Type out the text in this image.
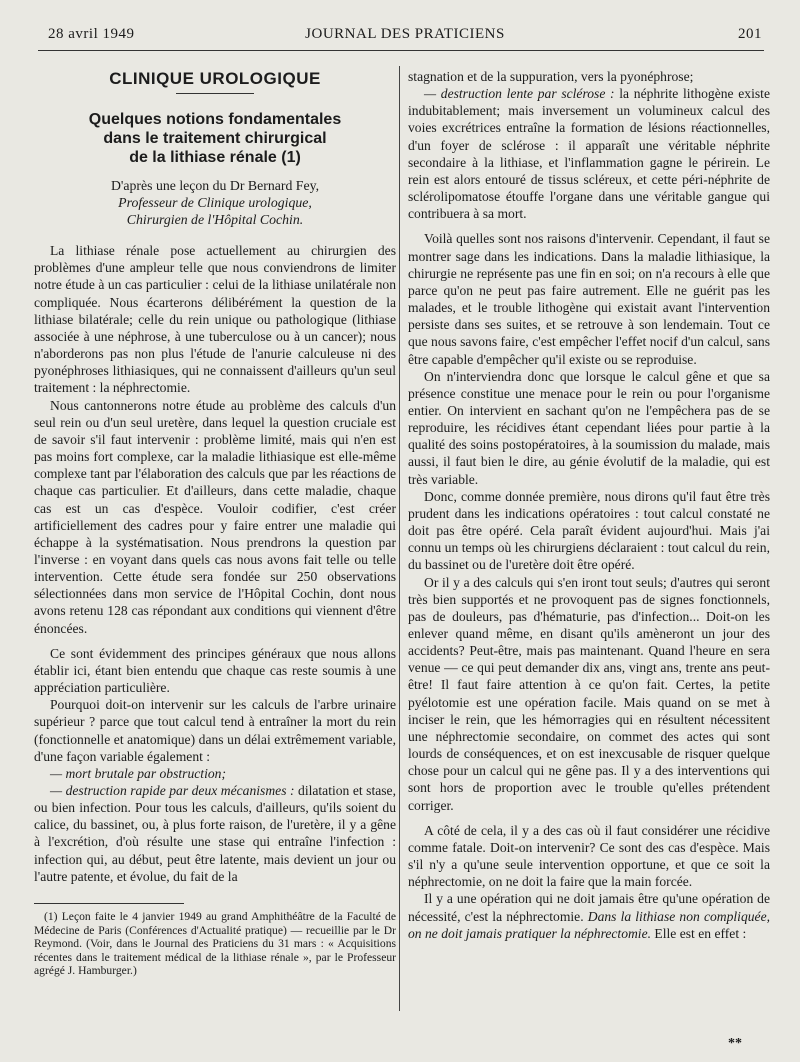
28 avril 1949	JOURNAL DES PRATICIENS	201
CLINIQUE UROLOGIQUE
Quelques notions fondamentales
dans le traitement chirurgical
de la lithiase rénale (1)
D'après une leçon du Dr Bernard Fey,
Professeur de Clinique urologique,
Chirurgien de l'Hôpital Cochin.

La lithiase rénale pose actuellement au chirurgien des problèmes d'une ampleur telle que nous conviendrons de limiter notre étude à un cas particulier : celui de la lithiase unilatérale non compliquée. Nous écarterons délibérément la question de la lithiase bilatérale; celle du rein unique ou pathologique (lithiase associée à une néphrose, à une tuberculose ou à un cancer); nous n'aborderons pas non plus l'étude de l'anurie calculeuse ni des pyonéphroses lithiasiques, qui ne connaissent d'ailleurs qu'un seul traitement : la néphrectomie.

Nous cantonnerons notre étude au problème des calculs d'un seul rein ou d'un seul uretère, dans lequel la question cruciale est de savoir s'il faut intervenir : problème limité, mais qui n'en est pas moins fort complexe, car la maladie lithiasique est elle-même complexe tant par l'élaboration des calculs que par les réactions de chaque cas particulier. Et d'ailleurs, dans cette maladie, chaque cas est un cas d'espèce. Vouloir codifier, c'est créer artificiellement des cadres pour y faire entrer une maladie qui échappe à la systématisation. Nous prendrons la question par l'inverse : en voyant dans quels cas nous avons fait telle ou telle intervention. Cette étude sera fondée sur 250 observations sélectionnées dans mon service de l'Hôpital Cochin, dont nous avons retenu 128 cas répondant aux conditions qui viennent d'être énoncées.

Ce sont évidemment des principes généraux que nous allons établir ici, étant bien entendu que chaque cas reste soumis à une appréciation particulière.

Pourquoi doit-on intervenir sur les calculs de l'arbre urinaire supérieur ? parce que tout calcul tend à entraîner la mort du rein (fonctionnelle et anatomique) dans un délai extrêmement variable, d'une façon variable également :

— mort brutale par obstruction;

— destruction rapide par deux mécanismes : dilatation et stase, ou bien infection. Pour tous les calculs, d'ailleurs, qu'ils soient du calice, du bassinet, ou, à plus forte raison, de l'uretère, il y a gêne à l'excrétion, d'où résulte une stase qui entraîne l'infection : infection qui, au début, peut être latente, mais devient un jour ou l'autre patente, et évolue, du fait de la

(1) Leçon faite le 4 janvier 1949 au grand Amphithéâtre de la Faculté de Médecine de Paris (Conférences d'Actualité pratique) — recueillie par le Dr Reymond. (Voir, dans le Journal des Praticiens du 31 mars : « Acquisitions récentes dans le traitement médical de la lithiase rénale », par le Professeur agrégé J. Hamburger.)

stagnation et de la suppuration, vers la pyonéphrose;

— destruction lente par sclérose : la néphrite lithogène existe indubitablement; mais inversement un volumineux calcul des voies excrétrices entraîne la formation de lésions réactionnelles, d'un foyer de sclérose : il apparaît une véritable néphrite secondaire à la lithiase, et l'inflammation gagne le périrein. Le rein est alors entouré de tissus scléreux, et cette péri-néphrite de sclérolipomatose étouffe l'organe dans une véritable gangue qui contribuera à sa mort.

Voilà quelles sont nos raisons d'intervenir. Cependant, il faut se montrer sage dans les indications. Dans la maladie lithiasique, la chirurgie ne représente pas une fin en soi; on n'a recours à elle que parce qu'on ne peut pas faire autrement. Elle ne guérit pas les malades, et le trouble lithogène qui existait avant l'intervention persiste dans ses suites, et se retrouve à son lendemain. Tout ce que nous savons faire, c'est empêcher l'effet nocif d'un calcul, sans être capable d'empêcher qu'il existe ou se reproduise.

On n'interviendra donc que lorsque le calcul gêne et que sa présence constitue une menace pour le rein ou pour l'organisme entier. On intervient en sachant qu'on ne l'empêchera pas de se reproduire, les récidives étant cependant liées pour partie à la qualité des soins postopératoires, à la soumission du malade, mais aussi, il faut bien le dire, au génie évolutif de la maladie, qui est très variable.

Donc, comme donnée première, nous dirons qu'il faut être très prudent dans les indications opératoires : tout calcul constaté ne doit pas être opéré. Cela paraît évident aujourd'hui. Mais j'ai connu un temps où les chirurgiens déclaraient : tout calcul du rein, du bassinet ou de l'uretère doit être opéré.

Or il y a des calculs qui s'en iront tout seuls; d'autres qui seront très bien supportés et ne provoquent pas de signes fonctionnels, pas de douleurs, pas d'hématurie, pas d'infection... Doit-on les enlever quand même, en disant qu'ils amèneront un jour des accidents? Peut-être, mais pas maintenant. Quand l'heure en sera venue — ce qui peut demander dix ans, vingt ans, trente ans peut-être! Il faut faire attention à ce qu'on fait. Certes, la petite pyélotomie est une opération facile. Mais quand on se met à inciser le rein, que les hémorragies qui en résultent nécessitent une néphrectomie secondaire, on commet des actes qui sont lourds de conséquences, et on est inexcusable de risquer quelque chose pour un calcul qui ne gêne pas. Il y a des interventions qui sont hors de proportion avec le trouble qu'elles prétendent corriger.

A côté de cela, il y a des cas où il faut considérer une récidive comme fatale. Doit-on intervenir? Ce sont des cas d'espèce. Mais s'il n'y a qu'une seule intervention opportune, et que ce soit la néphrectomie, on ne doit la faire que la main forcée.

Il y a une opération qui ne doit jamais être qu'une opération de nécessité, c'est la néphrectomie. Dans la lithiase non compliquée, on ne doit jamais pratiquer la néphrectomie. Elle est en effet :

**
